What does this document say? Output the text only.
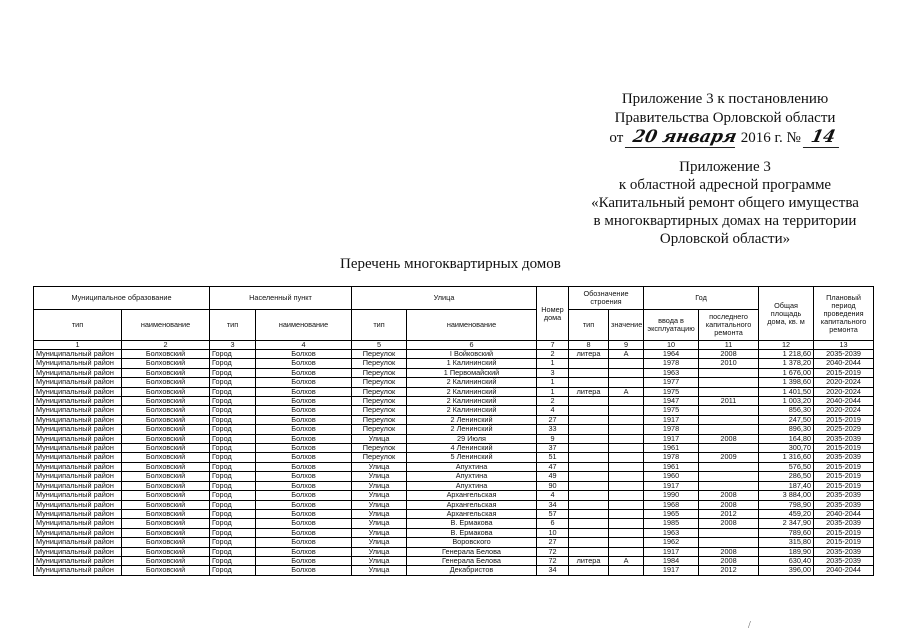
Приложение 3 к постановлению
Правительства Орловской области
от 20 января 2016 г. № 14
Приложение 3
к областной адресной программе
«Капитальный ремонт общего имущества
в многоквартирных домах на территории
Орловской области»
Перечень многоквартирных домов
Муниципальное образование		Населенный пункт		Улица		Номер дома	Обозначение строения		Год		Общая площадь дома, кв. м	Плановый период проведения капитального ремонта
тип	наименование	тип	наименование	тип	наименование		тип	значение	ввода в эксплуатацию	последнего капитального ремонта		
1	2	3	4	5	6	7	8	9	10	11	12	13
Муниципальный район	Болховский	Город	Болхов	Переулок	I Войковский	2	литера	А	1964	2008	1 218,60	2035-2039
Муниципальный район	Болховский	Город	Болхов	Переулок	1 Калининский	1			1978	2010	1 378,20	2040-2044
Муниципальный район	Болховский	Город	Болхов	Переулок	1 Первомайский	3			1963		1 676,00	2015-2019
Муниципальный район	Болховский	Город	Болхов	Переулок	2 Калининский	1			1977		1 398,60	2020-2024
Муниципальный район	Болховский	Город	Болхов	Переулок	2 Калининский	1	литера	А	1975		1 401,50	2020-2024
Муниципальный район	Болховский	Город	Болхов	Переулок	2 Калининский	2			1947	2011	1 003,20	2040-2044
Муниципальный район	Болховский	Город	Болхов	Переулок	2 Калининский	4			1975		856,30	2020-2024
Муниципальный район	Болховский	Город	Болхов	Переулок	2 Ленинский	27			1917		247,50	2015-2019
Муниципальный район	Болховский	Город	Болхов	Переулок	2 Ленинский	33			1978		896,30	2025-2029
Муниципальный район	Болховский	Город	Болхов	Улица	29 Июля	9			1917	2008	164,80	2035-2039
Муниципальный район	Болховский	Город	Болхов	Переулок	4 Ленинский	37			1961		300,70	2015-2019
Муниципальный район	Болховский	Город	Болхов	Переулок	5 Ленинский	51			1978	2009	1 316,60	2035-2039
Муниципальный район	Болховский	Город	Болхов	Улица	Апухтина	47			1961		576,50	2015-2019
Муниципальный район	Болховский	Город	Болхов	Улица	Апухтина	49			1960		286,50	2015-2019
Муниципальный район	Болховский	Город	Болхов	Улица	Апухтина	90			1917		187,40	2015-2019
Муниципальный район	Болховский	Город	Болхов	Улица	Архангельская	4			1990	2008	3 884,00	2035-2039
Муниципальный район	Болховский	Город	Болхов	Улица	Архангельская	34			1968	2008	798,90	2035-2039
Муниципальный район	Болховский	Город	Болхов	Улица	Архангельская	57			1965	2012	459,20	2040-2044
Муниципальный район	Болховский	Город	Болхов	Улица	В. Ермакова	6			1985	2008	2 347,90	2035-2039
Муниципальный район	Болховский	Город	Болхов	Улица	В. Ермакова	10			1963		789,60	2015-2019
Муниципальный район	Болховский	Город	Болхов	Улица	Воровского	27			1962		315,80	2015-2019
Муниципальный район	Болховский	Город	Болхов	Улица	Генерала Белова	72			1917	2008	189,90	2035-2039
Муниципальный район	Болховский	Город	Болхов	Улица	Генерала Белова	72	литера	А	1984	2008	630,40	2035-2039
Муниципальный район	Болховский	Город	Болхов	Улица	Декабристов	34			1917	2012	396,00	2040-2044
/
